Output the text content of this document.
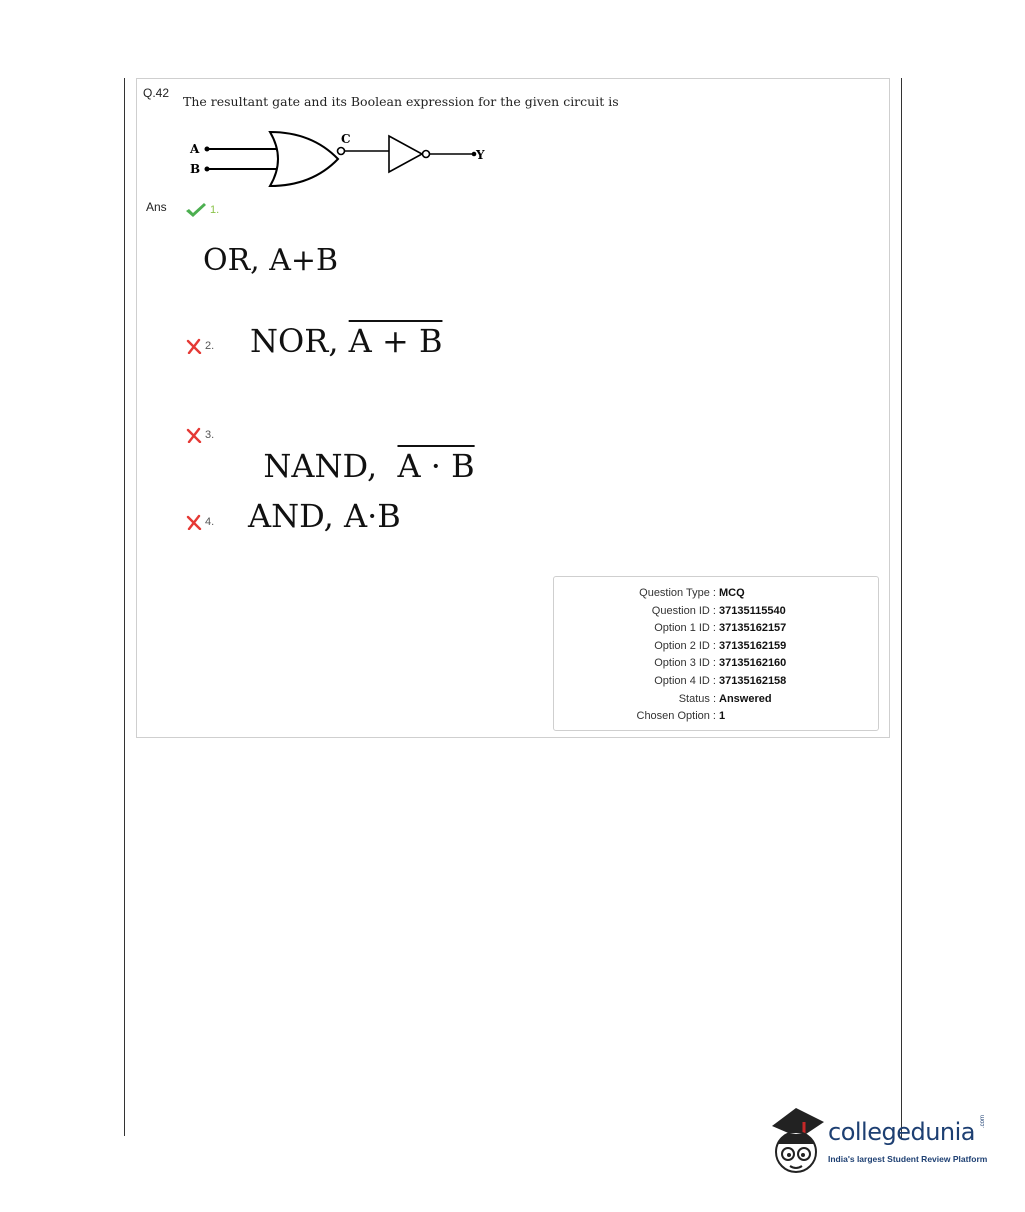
Q.42
The resultant gate and its Boolean expression for the given circuit is
A
B
C
Y
Ans	1.
OR, A+B
2. NOR, A + B
3.

NAND,  A · B

4. AND, A·B
Question Type : MCQ
Question ID : 37135115540
Option 1 ID : 37135162157
Option 2 ID : 37135162159
Option 3 ID : 37135162160
Option 4 ID : 37135162158
Status : Answered
Chosen Option : 1
collegedunia .com
India's largest Student Review Platform
